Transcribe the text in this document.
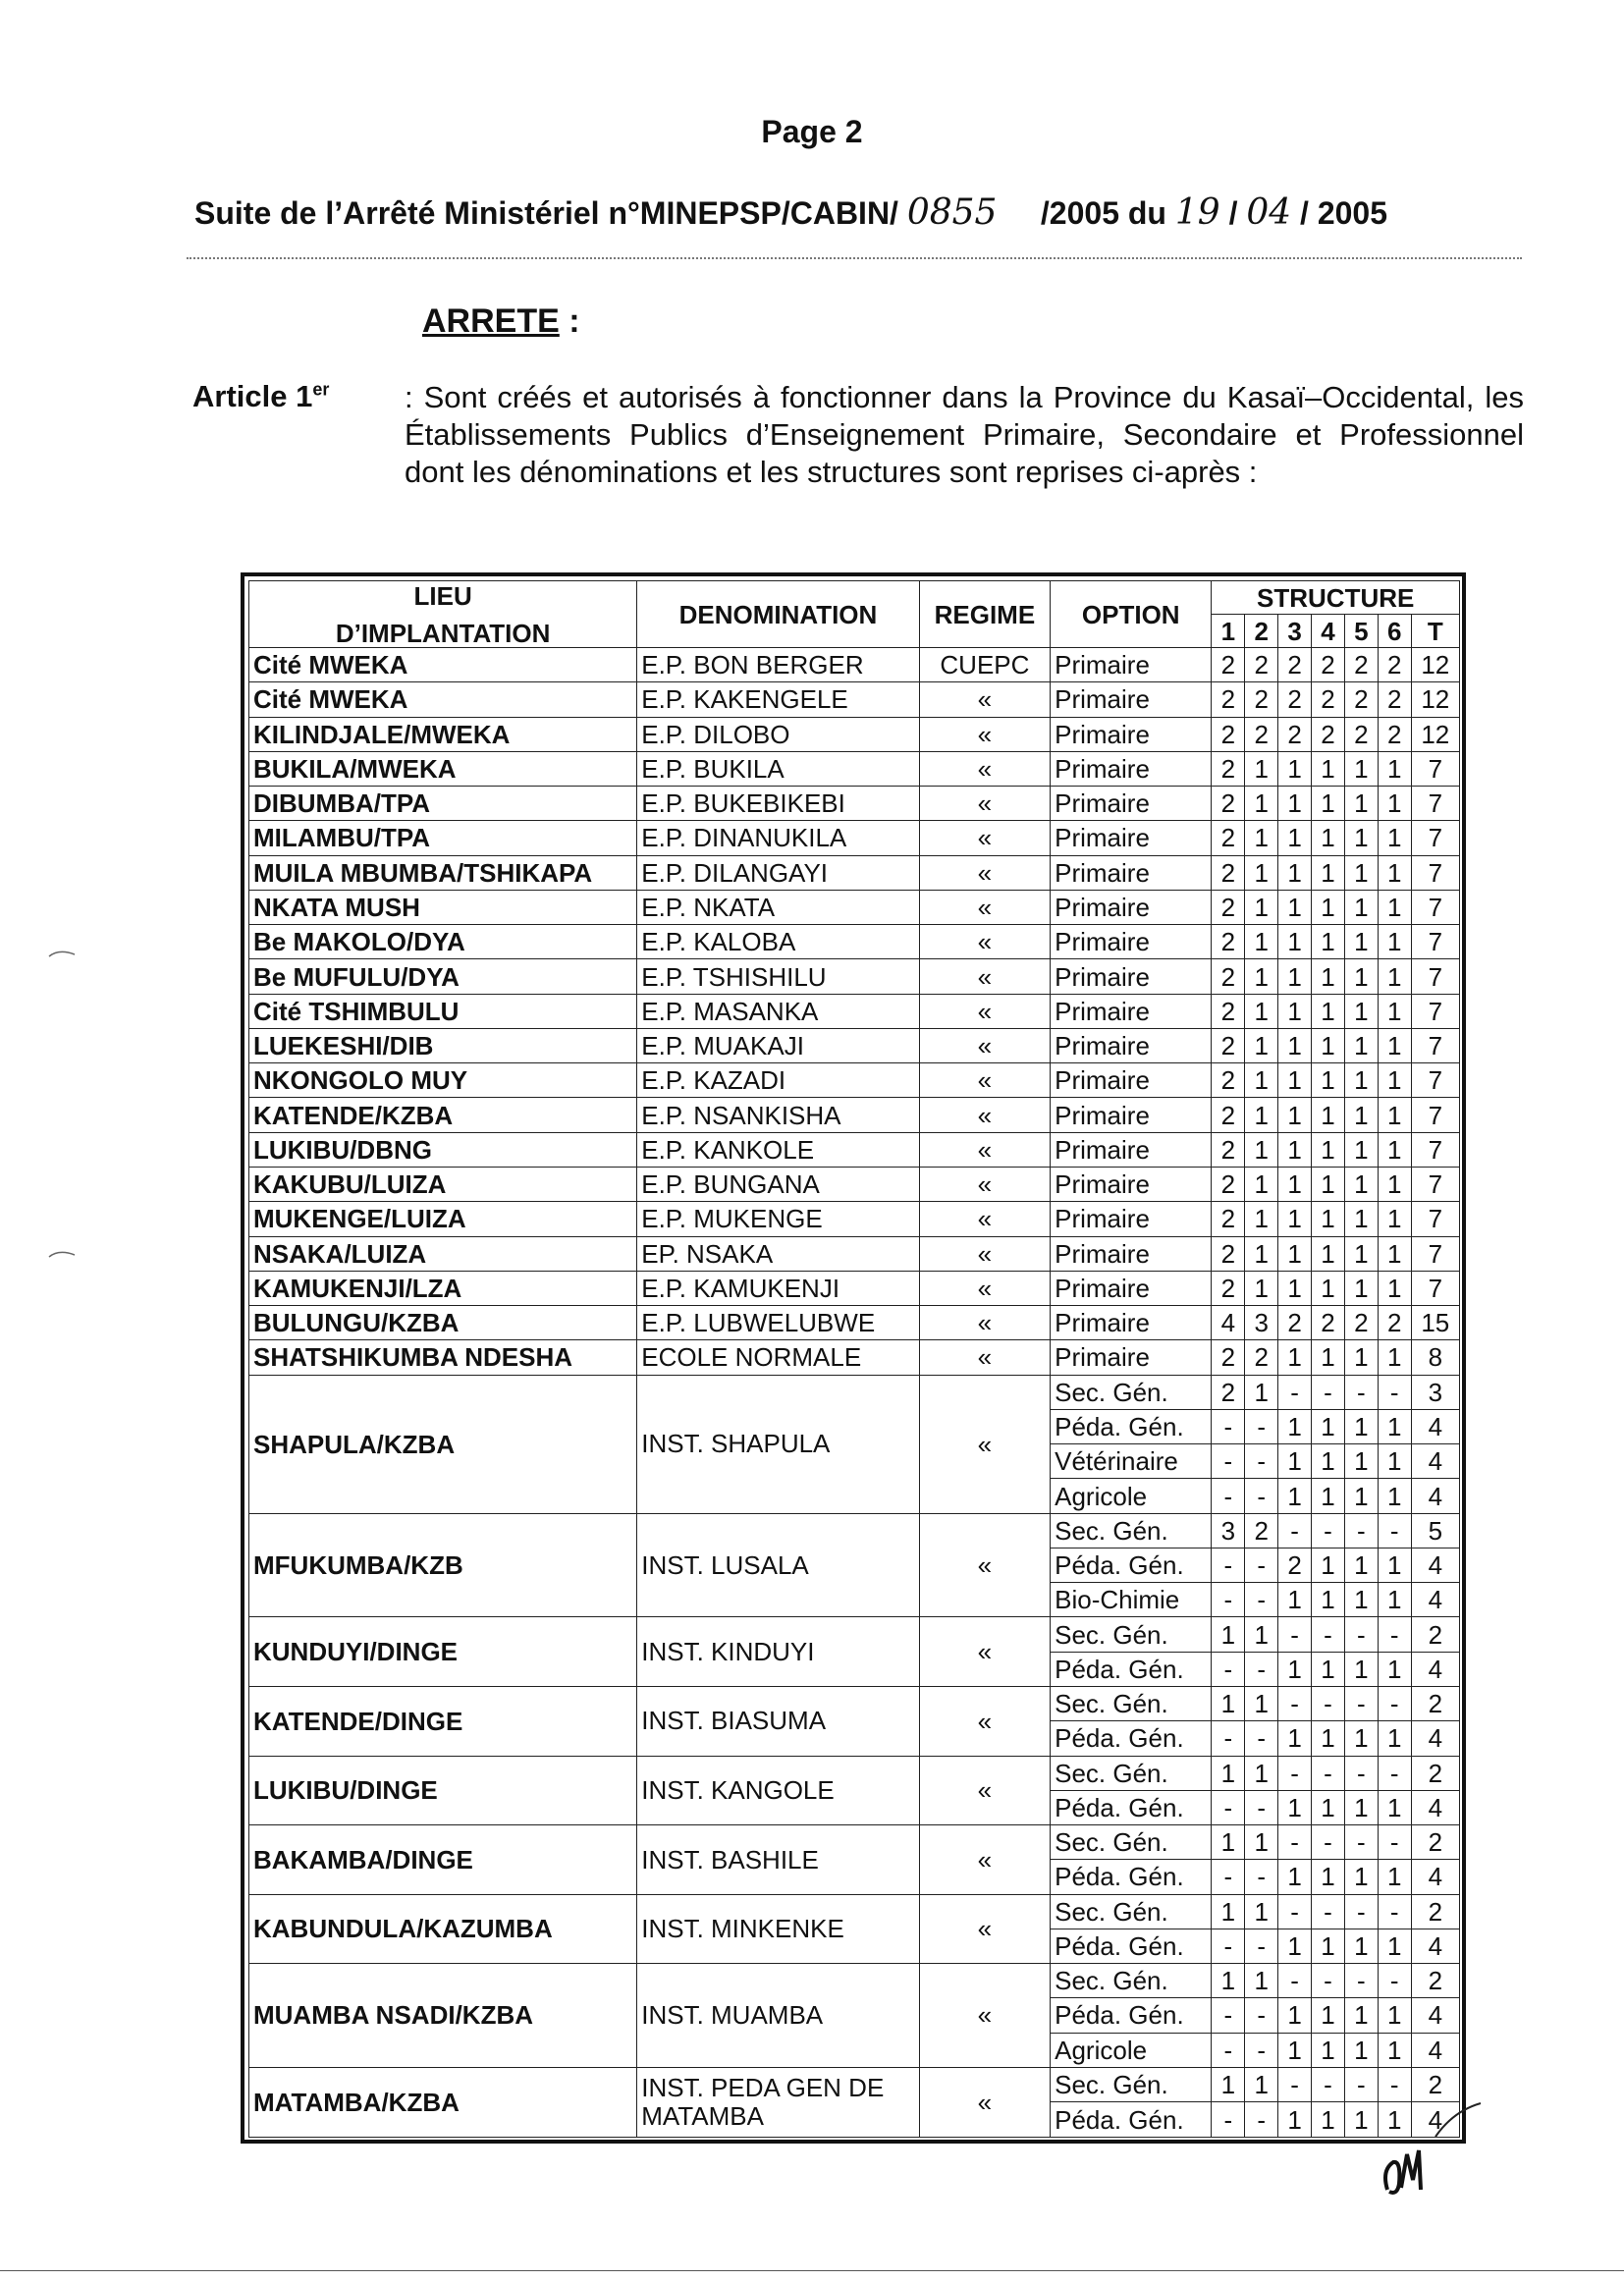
Page 2
Suite de l’Arrêté Ministériel n°MINEPSP/CABIN/ 0855 /2005 du 19 / 04 / 2005
ARRETE :
Article 1er : Sont créés et autorisés à fonctionner dans la Province du Kasaï–Occidental, les Établissements Publics d’Enseignement Primaire, Secondaire et Professionnel dont les dénominations et les structures sont reprises ci-après :
LIEU
D’IMPLANTATION	DENOMINATION	REGIME	OPTION	STRUCTURE						
				1	2	3	4	5	6	T
Cité MWEKA	E.P. BON BERGER	CUEPC	Primaire	2	2	2	2	2	2	12
Cité MWEKA	E.P. KAKENGELE	«	Primaire	2	2	2	2	2	2	12
KILINDJALE/MWEKA	E.P. DILOBO	«	Primaire	2	2	2	2	2	2	12
BUKILA/MWEKA	E.P. BUKILA	«	Primaire	2	1	1	1	1	1	7
DIBUMBA/TPA	E.P. BUKEBIKEBI	«	Primaire	2	1	1	1	1	1	7
MILAMBU/TPA	E.P. DINANUKILA	«	Primaire	2	1	1	1	1	1	7
MUILA MBUMBA/TSHIKAPA	E.P. DILANGAYI	«	Primaire	2	1	1	1	1	1	7
NKATA MUSH	E.P. NKATA	«	Primaire	2	1	1	1	1	1	7
Be MAKOLO/DYA	E.P. KALOBA	«	Primaire	2	1	1	1	1	1	7
Be MUFULU/DYA	E.P. TSHISHILU	«	Primaire	2	1	1	1	1	1	7
Cité TSHIMBULU	E.P. MASANKA	«	Primaire	2	1	1	1	1	1	7
LUEKESHI/DIB	E.P. MUAKAJI	«	Primaire	2	1	1	1	1	1	7
NKONGOLO MUY	E.P. KAZADI	«	Primaire	2	1	1	1	1	1	7
KATENDE/KZBA	E.P. NSANKISHA	«	Primaire	2	1	1	1	1	1	7
LUKIBU/DBNG	E.P. KANKOLE	«	Primaire	2	1	1	1	1	1	7
KAKUBU/LUIZA	E.P. BUNGANA	«	Primaire	2	1	1	1	1	1	7
MUKENGE/LUIZA	E.P. MUKENGE	«	Primaire	2	1	1	1	1	1	7
NSAKA/LUIZA	EP. NSAKA	«	Primaire	2	1	1	1	1	1	7
KAMUKENJI/LZA	E.P. KAMUKENJI	«	Primaire	2	1	1	1	1	1	7
BULUNGU/KZBA	E.P. LUBWELUBWE	«	Primaire	4	3	2	2	2	2	15
SHATSHIKUMBA NDESHA	ECOLE NORMALE	«	Primaire	2	2	1	1	1	1	8
SHAPULA/KZBA	INST. SHAPULA	«	Sec. Gén.	2	1	-	-	-	-	3
			Péda. Gén.	-	-	1	1	1	1	4
			Vétérinaire	-	-	1	1	1	1	4
			Agricole	-	-	1	1	1	1	4
MFUKUMBA/KZB	INST. LUSALA	«	Sec. Gén.	3	2	-	-	-	-	5
			Péda. Gén.	-	-	2	1	1	1	4
			Bio-Chimie	-	-	1	1	1	1	4
KUNDUYI/DINGE	INST. KINDUYI	«	Sec. Gén.	1	1	-	-	-	-	2
			Péda. Gén.	-	-	1	1	1	1	4
KATENDE/DINGE	INST. BIASUMA	«	Sec. Gén.	1	1	-	-	-	-	2
			Péda. Gén.	-	-	1	1	1	1	4
LUKIBU/DINGE	INST. KANGOLE	«	Sec. Gén.	1	1	-	-	-	-	2
			Péda. Gén.	-	-	1	1	1	1	4
BAKAMBA/DINGE	INST. BASHILE	«	Sec. Gén.	1	1	-	-	-	-	2
			Péda. Gén.	-	-	1	1	1	1	4
KABUNDULA/KAZUMBA	INST. MINKENKE	«	Sec. Gén.	1	1	-	-	-	-	2
			Péda. Gén.	-	-	1	1	1	1	4
MUAMBA NSADI/KZBA	INST. MUAMBA	«	Sec. Gén.	1	1	-	-	-	-	2
			Péda. Gén.	-	-	1	1	1	1	4
			Agricole	-	-	1	1	1	1	4
MATAMBA/KZBA	INST. PEDA GEN DE MATAMBA	«	Sec. Gén.	1	1	-	-	-	-	2
			Péda. Gén.	-	-	1	1	1	1	4
